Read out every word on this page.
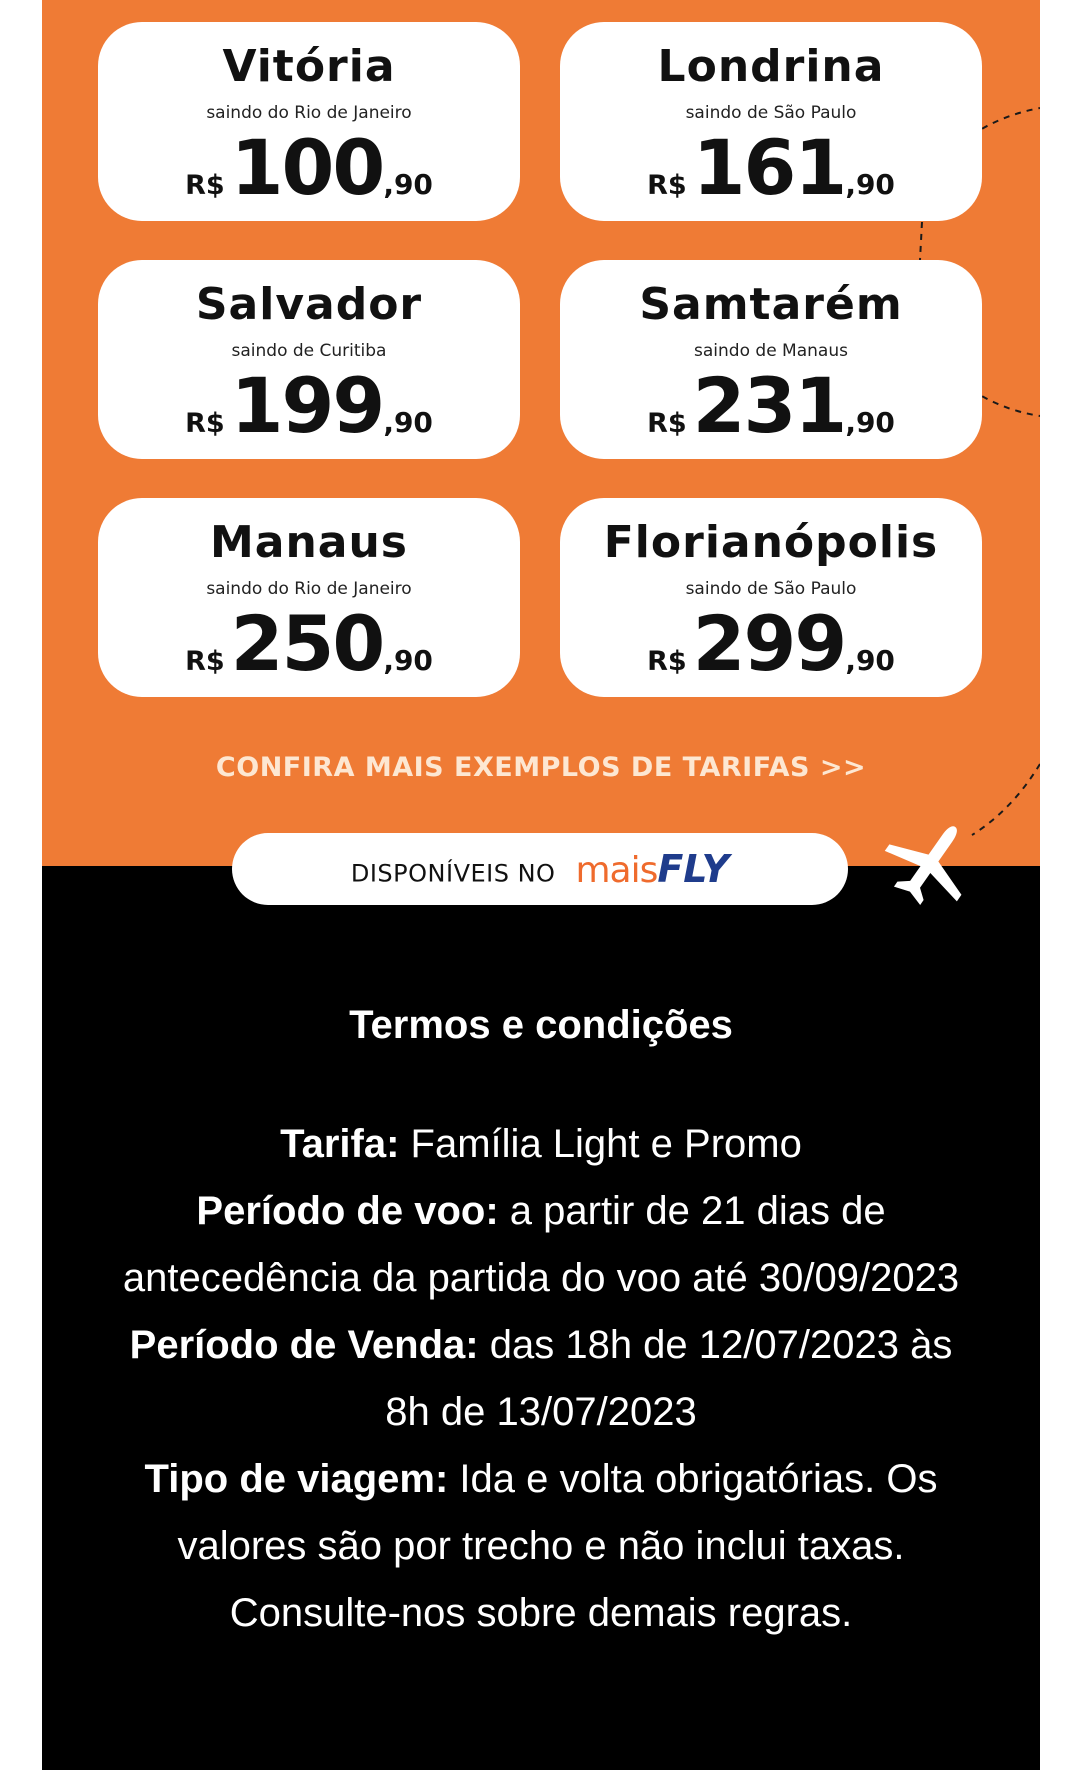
Vitória
saindo do Rio de Janeiro
R$100,90
Londrina
saindo de São Paulo
R$161,90
Salvador
saindo de Curitiba
R$199,90
Samtarém
saindo de Manaus
R$231,90
Manaus
saindo do Rio de Janeiro
R$250,90
Florianópolis
saindo de São Paulo
R$299,90
CONFIRA MAIS EXEMPLOS DE TARIFAS >>
DISPONÍVEIS NO maisFLY
Termos e condições
Tarifa: Família Light e Promo
Período de voo: a partir de 21 dias de antecedência da partida do voo até 30/09/2023
Período de Venda: das 18h de 12/07/2023 às 8h de 13/07/2023
Tipo de viagem: Ida e volta obrigatórias. Os valores são por trecho e não inclui taxas. Consulte-nos sobre demais regras.
